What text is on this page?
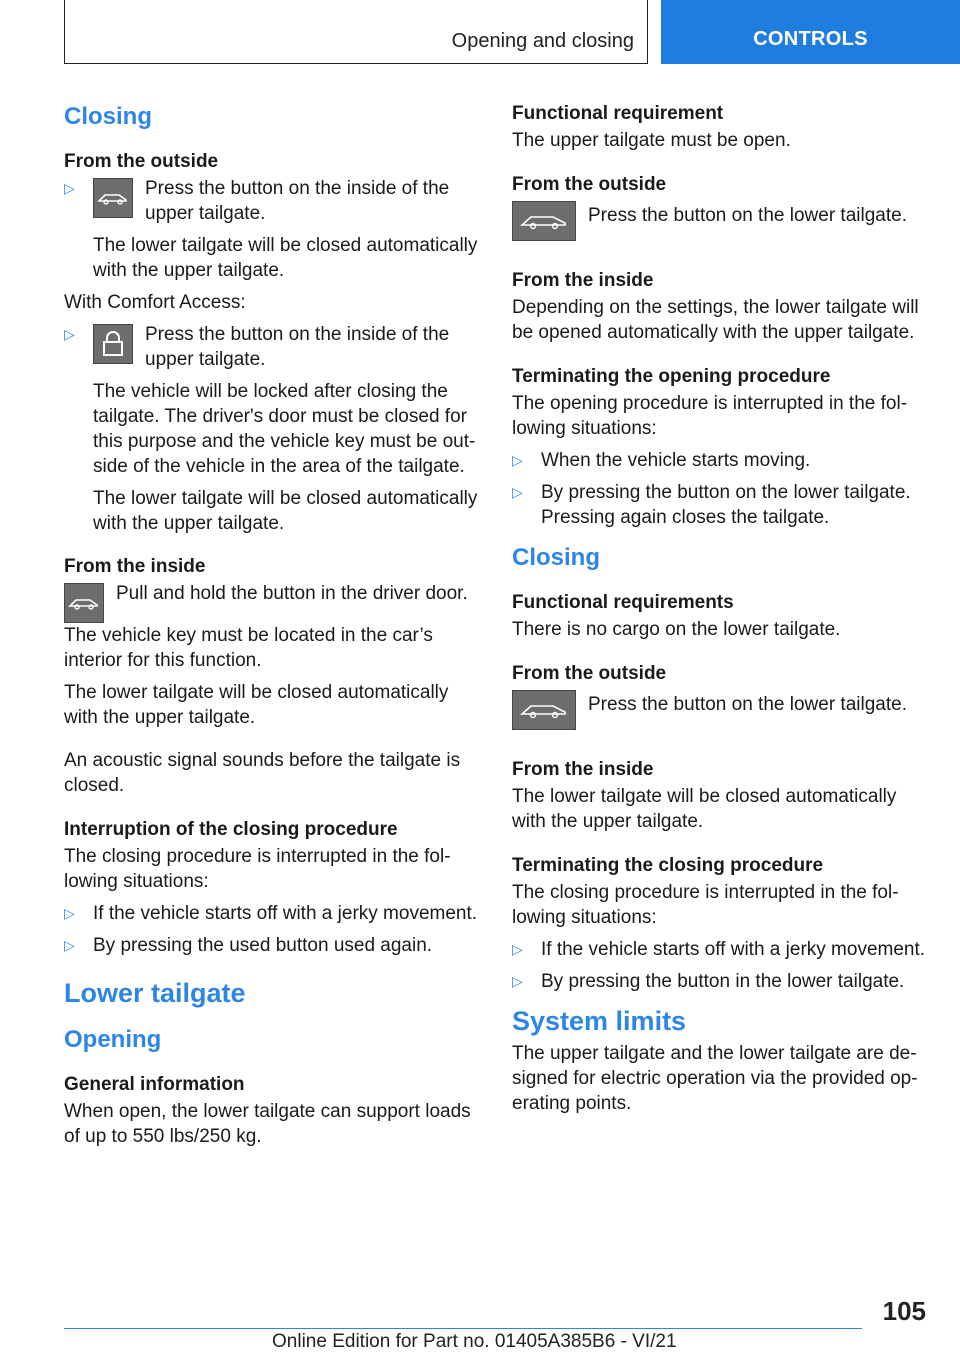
Opening and closing	CONTROLS
Closing
From the outside

▷ Press the button on the inside of the upper tailgate.

The lower tailgate will be closed automatically with the upper tailgate.

With Comfort Access:

▷ Press the button on the inside of the upper tailgate.

The vehicle will be locked after closing the tailgate. The driver's door must be closed for this purpose and the vehicle key must be out-side of the vehicle in the area of the tailgate.

The lower tailgate will be closed automatically with the upper tailgate.

From the inside

Pull and hold the button in the driver door.

The vehicle key must be located in the car’s interior for this function.

The lower tailgate will be closed automatically with the upper tailgate.

An acoustic signal sounds before the tailgate is closed.

Interruption of the closing procedure

The closing procedure is interrupted in the fol-lowing situations:

▷ If the vehicle starts off with a jerky movement.
▷ By pressing the used button used again.
Lower tailgate
Opening
General information

When open, the lower tailgate can support loads of up to 550 lbs/250 kg.

Functional requirement

The upper tailgate must be open.

From the outside

Press the button on the lower tailgate.

From the inside

Depending on the settings, the lower tailgate will be opened automatically with the upper tailgate.

Terminating the opening procedure

The opening procedure is interrupted in the fol-lowing situations:

▷ When the vehicle starts moving.
▷ By pressing the button on the lower tailgate. Pressing again closes the tailgate.
Closing
Functional requirements

There is no cargo on the lower tailgate.

From the outside

Press the button on the lower tailgate.

From the inside

The lower tailgate will be closed automatically with the upper tailgate.

Terminating the closing procedure

The closing procedure is interrupted in the fol-lowing situations:

▷ If the vehicle starts off with a jerky movement.
▷ By pressing the button in the lower tailgate.
System limits

The upper tailgate and the lower tailgate are de-signed for electric operation via the provided op-erating points.

105
Online Edition for Part no. 01405A385B6 - VI/21
